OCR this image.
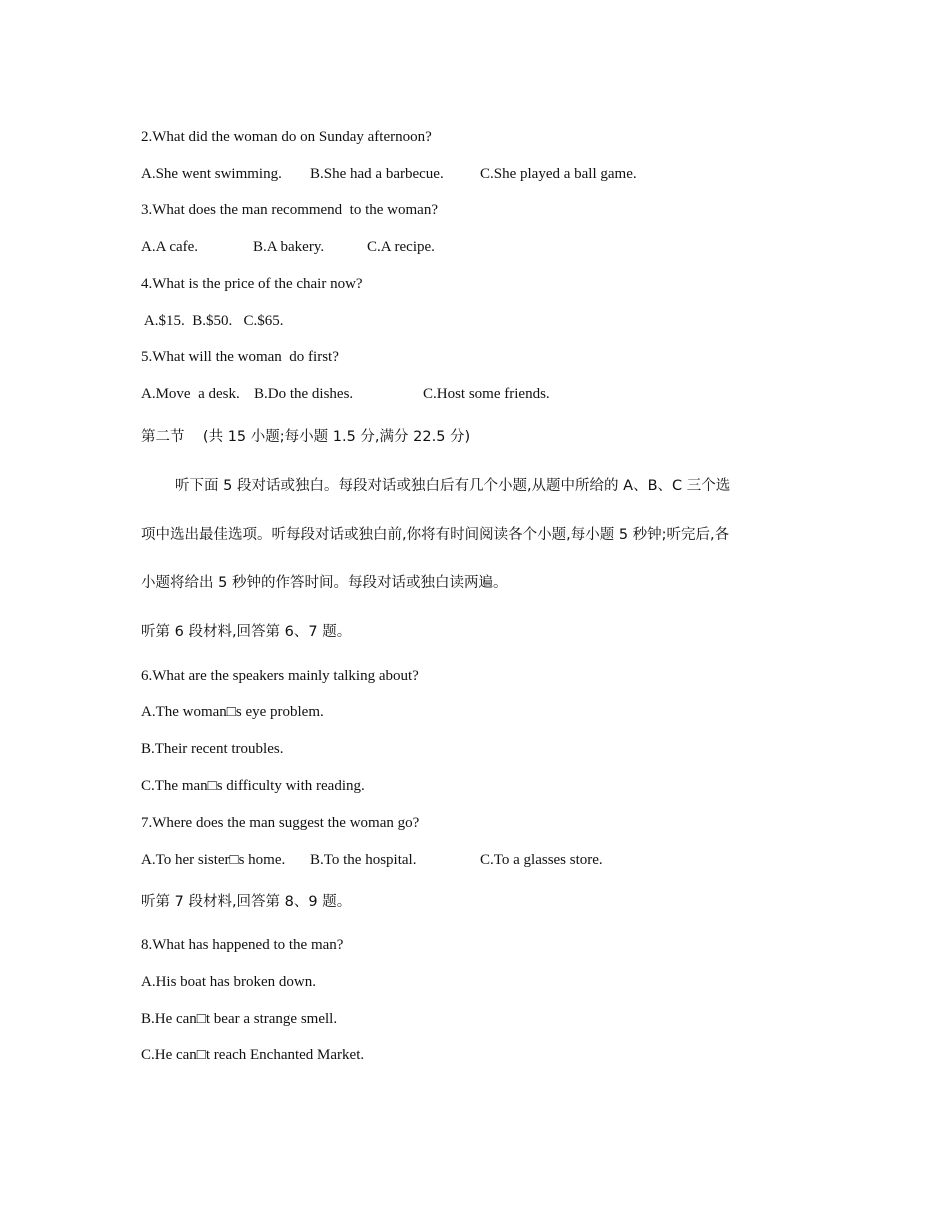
2.What did the woman do on Sunday afternoon?

A.She went swimming.

B.She had a barbecue.

C.She played a ball game.

3.What does the man recommend  to the woman?

A.A cafe.

	B.A bakery.

	C.A recipe.

4.What is the price of the chair now?
A.$15.  B.$50.   C.$65.
5.What will the woman  do first?

A.Move  a desk.

B.Do the dishes.

	C.Host some friends.

第二节    (共 15 小题;每小题 1.5 分,满分 22.5 分)
听下面 5 段对话或独白。每段对话或独白后有几个小题,从题中所给的 A、B、C 三个选
项中选出最佳选项。听每段对话或独白前,你将有时间阅读各个小题,每小题 5 秒钟;听完后,各
小题将给出 5 秒钟的作答时间。每段对话或独白读两遍。
听第 6 段材料,回答第 6、7 题。
6.What are the speakers mainly talking about?
A.The woman□s eye problem.
B.Their recent troubles.
C.The man□s difficulty with reading.
7.Where does the man suggest the woman go?

A.To her sister□s home.

B.To the hospital.

	C.To a glasses store.

听第 7 段材料,回答第 8、9 题。
8.What has happened to the man?
A.His boat has broken down.
B.He can□t bear a strange smell.
C.He can□t reach Enchanted Market.
